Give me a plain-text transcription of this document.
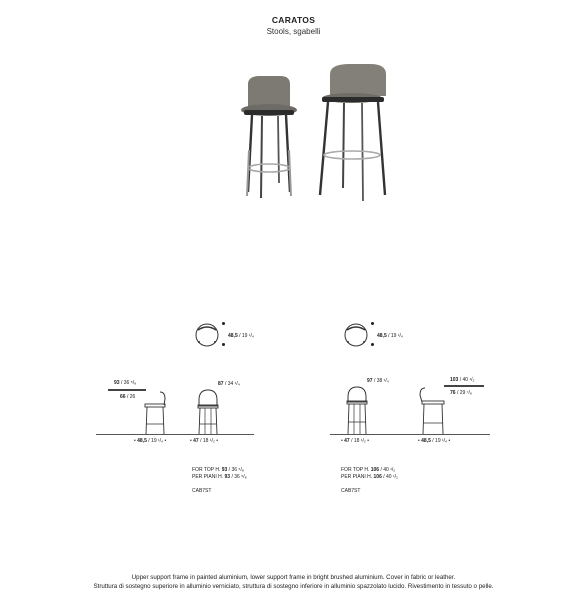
CARATOS
Stools, sgabelli
48,5 / 19 ¹/₄
93 / 36 ⁵/₈
66 / 26
87 / 34 ¹/₄
• 48,5 / 19 ¹/₄ •	• 47 / 18 ¹/₂ •
FOR TOP H. 93 / 36 ⁵/₈
PER PIANI H. 93 / 36 ⁵/₈
CAB7ST
48,5 / 19 ¹/₄
97 / 38 ¹/₄	103 / 40 ¹/₂
76 / 29 ⁷/₈
• 47 / 18 ¹/₂ •	• 48,5 / 19 ¹/₄ •
FOR TOP H. 106 / 40 ¹/₂
PER PIANI H. 106 / 40 ¹/₂
CAB7ST
Upper support frame in painted aluminium, lower support frame in bright brushed aluminium. Cover in fabric or leather.
Struttura di sostegno superiore in alluminio verniciato, struttura di sostegno inferiore in alluminio spazzolato lucido. Rivestimento in tessuto o pelle.
